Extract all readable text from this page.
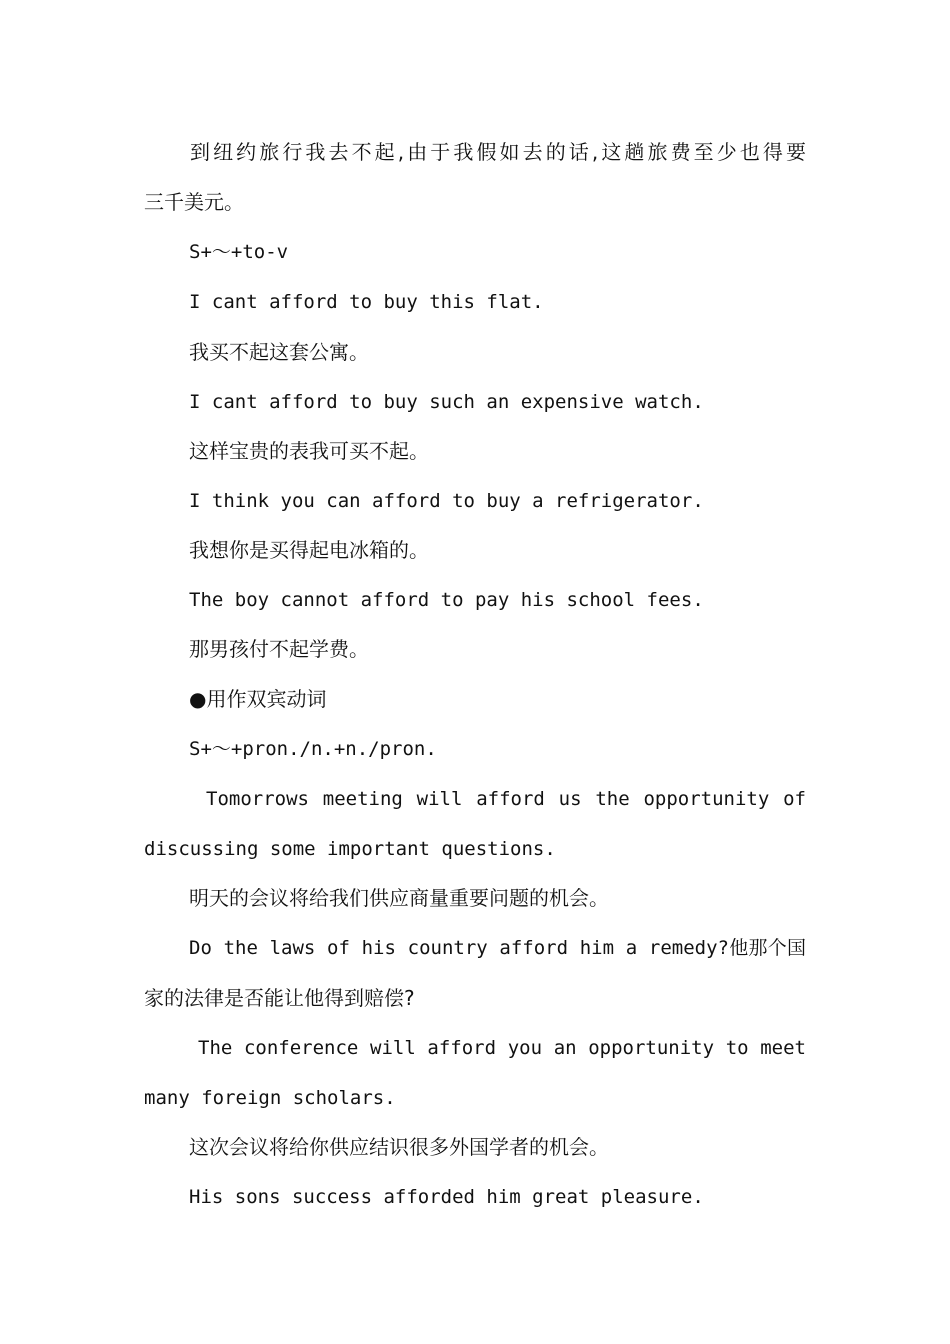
到纽约旅行我去不起,由于我假如去的话,这趟旅费至少也得要
三千美元。
S+～+to-v
I cant afford to buy this flat.
我买不起这套公寓。
I cant afford to buy such an expensive watch.
这样宝贵的表我可买不起。
I think you can afford to buy a refrigerator.
我想你是买得起电冰箱的。
The boy cannot afford to pay his school fees.
那男孩付不起学费。
●用作双宾动词
S+～+pron./n.+n./pron.
Tomorrows meeting will afford us the opportunity of
discussing some important questions.
明天的会议将给我们供应商量重要问题的机会。
Do the laws of his country afford him a remedy?他那个国
家的法律是否能让他得到赔偿?
The conference will afford you an opportunity to meet
many foreign scholars.
这次会议将给你供应结识很多外国学者的机会。
His sons success afforded him great pleasure.
